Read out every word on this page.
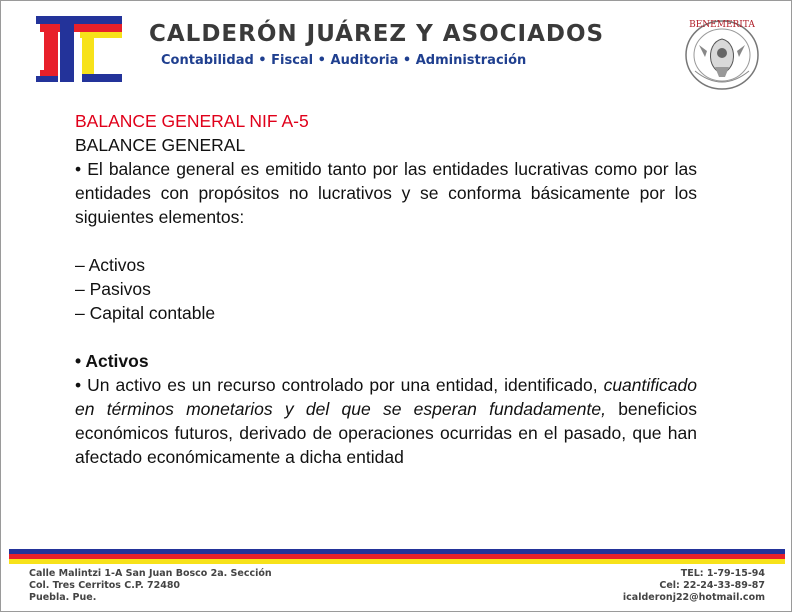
CALDERÓN JUÁREZ Y ASOCIADOS
Contabilidad • Fiscal • Auditoria • Administración
BENEMERITA

BALANCE GENERAL NIF A-5

BALANCE GENERAL

• El balance general es emitido tanto por las entidades lucrativas como por las entidades con propósitos no lucrativos y se conforma básicamente por los siguientes elementos:

– Activos

– Pasivos

– Capital contable

• Activos

• Un activo es un recurso controlado por una entidad, identificado, cuantificado en términos monetarios y del que se esperan fundadamente, beneficios económicos futuros, derivado de operaciones ocurridas en el pasado, que han afectado económicamente a dicha entidad

Calle Malintzi 1-A San Juan Bosco 2a. Sección
Col. Tres Cerritos C.P. 72480
Puebla. Pue.
TEL: 1-79-15-94
Cel: 22-24-33-89-87
icalderonj22@hotmail.com
